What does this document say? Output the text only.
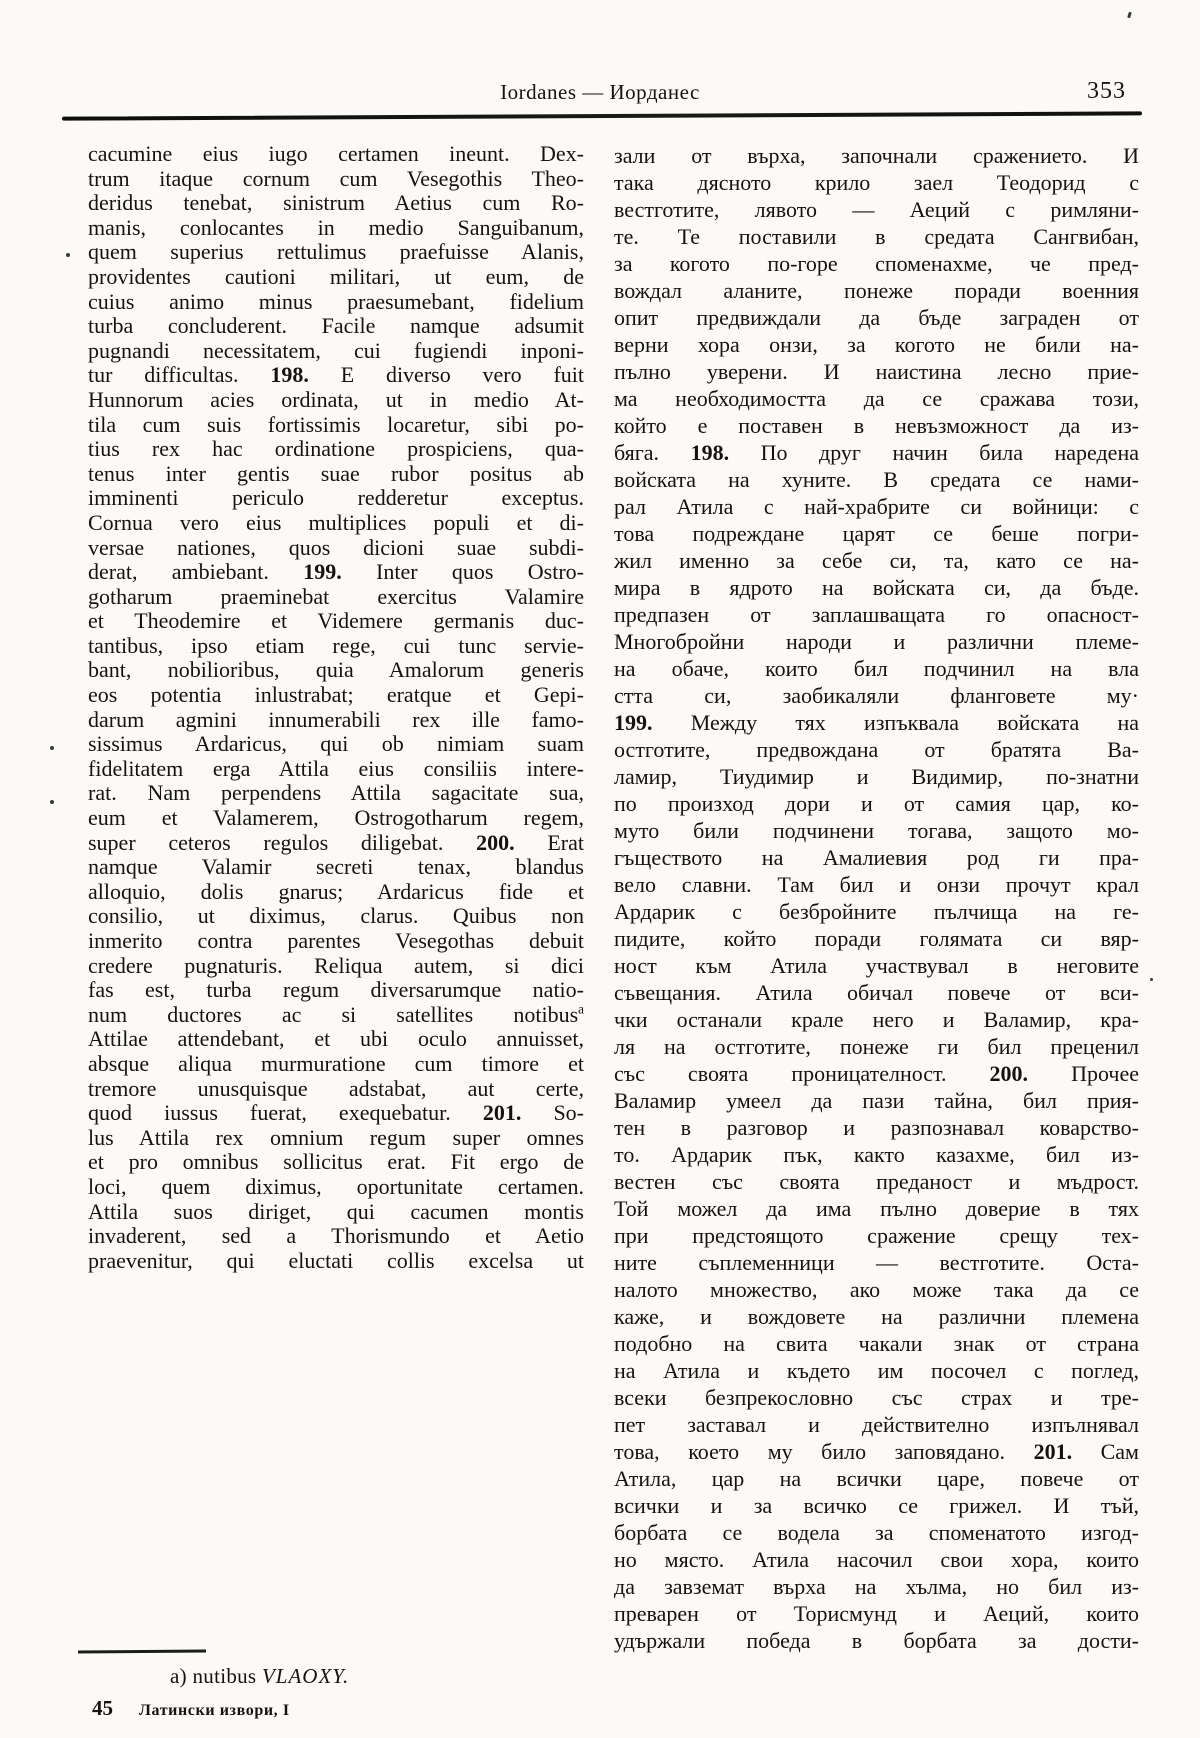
Iordanes — Иорданес	353
cacumine eius iugo certamen ineunt. Dex-
trum itaque cornum cum Vesegothis Theo-
deridus tenebat, sinistrum Aetius cum Ro-
manis, conlocantes in medio Sanguibanum,
quem superius rettulimus praefuisse Alanis,
providentes cautioni militari, ut eum, de
cuius animo minus praesumebant, fidelium
turba concluderent. Facile namque adsumit
pugnandi necessitatem, cui fugiendi inponi-
tur difficultas. 198. E diverso vero fuit
Hunnorum acies ordinata, ut in medio At-
tila cum suis fortissimis locaretur, sibi po-
tius rex hac ordinatione prospiciens, qua-
tenus inter gentis suae rubor positus ab
imminenti periculo redderetur exceptus.
Cornua vero eius multiplices populi et di-
versae nationes, quos dicioni suae subdi-
derat, ambiebant. 199. Inter quos Ostro-
gotharum praeminebat exercitus Valamire
et Theodemire et Videmere germanis duc-
tantibus, ipso etiam rege, cui tunc servie-
bant, nobilioribus, quia Amalorum generis
eos potentia inlustrabat; eratque et Gepi-
darum agmini innumerabili rex ille famo-
sissimus Ardaricus, qui ob nimiam suam
fidelitatem erga Attila eius consiliis intere-
rat. Nam perpendens Attila sagacitate sua,
eum et Valamerem, Ostrogotharum regem,
super ceteros regulos diligebat. 200. Erat
namque Valamir secreti tenax, blandus
alloquio, dolis gnarus; Ardaricus fide et
consilio, ut diximus, clarus. Quibus non
inmerito contra parentes Vesegothas debuit
credere pugnaturis. Reliqua autem, si dici
fas est, turba regum diversarumque natio-
num ductores ac si satellites notibus$^a$
Attilae attendebant, et ubi oculo annuisset,
absque aliqua murmuratione cum timore et
tremore unusquisque adstabat, aut certe,
quod iussus fuerat, exequebatur. 201. So-
lus Attila rex omnium regum super omnes
et pro omnibus sollicitus erat. Fit ergo de
loci, quem diximus, oportunitate certamen.
Attila suos diriget, qui cacumen montis
invaderent, sed a Thorismundo et Aetio
praevenitur, qui eluctati collis excelsa ut
зали от върха, започнали сражението. И
така дясното крило заел Теодорид с
вестготите, лявото — Аеций с римляни-
те. Те поставили в средата Сангвибан,
за когото по-горе споменахме, че пред-
вождал аланите, понеже поради военния
опит предвиждали да бъде заграден от
верни хора онзи, за когото не били на-
пълно уверени. И наистина лесно прие-
ма необходимостта да се сражава този,
който е поставен в невъзможност да из-
бяга. 198. По друг начин била наредена
войската на хуните. В средата се нами-
рал Атила с най-храбрите си войници: с
това подреждане царят се беше погри-
жил именно за себе си, та, като се на-
мира в ядрото на войската си, да бъде.
предпазен от заплашващата го опасност-
Многобройни народи и различни племе-
на обаче, които бил подчинил на вла
стта си, заобикаляли фланговете му·
199. Между тях изпъквала войската на
остготите, предвождана от братята Ва-
ламир, Тиудимир и Видимир, по-знатни
по произход дори и от самия цар, ко-
муто били подчинени тогава, защото мо-
гъществото на Амалиевия род ги пра-
вело славни. Там бил и онзи прочут крал
Ардарик с безбройните пълчища на ге-
пидите, който поради голямата си вяр-
ност към Атила участвувал в неговите
съвещания. Атила обичал повече от вси-
чки останали крале него и Валамир, кра-
ля на остготите, понеже ги бил преценил
със своята проницателност. 200. Прочее
Валамир умеел да пази тайна, бил прия-
тен в разговор и разпознавал коварство-
то. Ардарик пък, както казахме, бил из-
вестен със своята преданост и мъдрост.
Той можел да има пълно доверие в тях
при предстоящото сражение срещу тех-
ните съплеменници — вестготите. Оста-
налото множество, ако може така да се
каже, и вождовете на различни племена
подобно на свита чакали знак от страна
на Атила и където им посочел с поглед,
всеки безпрекословно със страх и тре-
пет заставал и действително изпълнявал
това, което му било заповядано. 201. Сам
Атила, цар на всички царе, повече от
всички и за всичко се грижел. И тъй,
борбата се водела за споменатото изгод-
но място. Атила насочил свои хора, които
да завземат върха на хълма, но бил из-
преварен от Торисмунд и Аеций, които
удържали победа в борбата за дости-
a) nutibus VLAOXY.
45 Латински извори, I
